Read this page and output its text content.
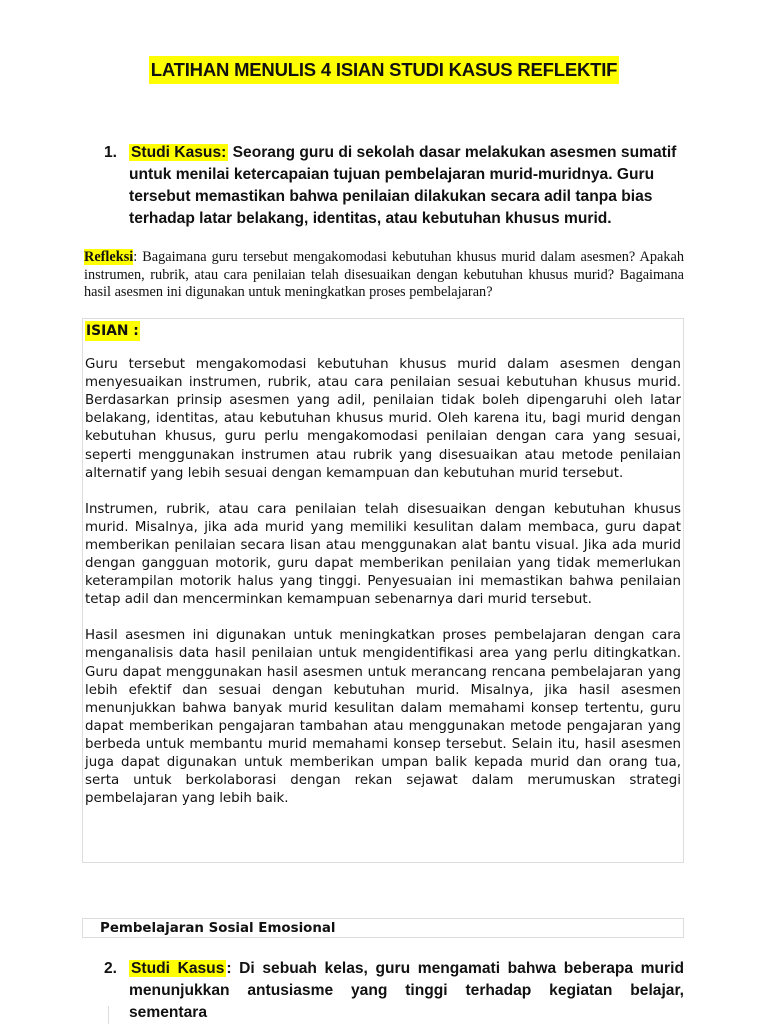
LATIHAN MENULIS 4 ISIAN STUDI KASUS REFLEKTIF
1. Studi Kasus: Seorang guru di sekolah dasar melakukan asesmen sumatif untuk menilai ketercapaian tujuan pembelajaran murid-muridnya. Guru tersebut memastikan bahwa penilaian dilakukan secara adil tanpa bias terhadap latar belakang, identitas, atau kebutuhan khusus murid.
Refleksi: Bagaimana guru tersebut mengakomodasi kebutuhan khusus murid dalam asesmen? Apakah instrumen, rubrik, atau cara penilaian telah disesuaikan dengan kebutuhan khusus murid? Bagaimana hasil asesmen ini digunakan untuk meningkatkan proses pembelajaran?
ISIAN :

Guru tersebut mengakomodasi kebutuhan khusus murid dalam asesmen dengan menyesuaikan instrumen, rubrik, atau cara penilaian sesuai kebutuhan khusus murid. Berdasarkan prinsip asesmen yang adil, penilaian tidak boleh dipengaruhi oleh latar belakang, identitas, atau kebutuhan khusus murid. Oleh karena itu, bagi murid dengan kebutuhan khusus, guru perlu mengakomodasi penilaian dengan cara yang sesuai, seperti menggunakan instrumen atau rubrik yang disesuaikan atau metode penilaian alternatif yang lebih sesuai dengan kemampuan dan kebutuhan murid tersebut.

Instrumen, rubrik, atau cara penilaian telah disesuaikan dengan kebutuhan khusus murid. Misalnya, jika ada murid yang memiliki kesulitan dalam membaca, guru dapat memberikan penilaian secara lisan atau menggunakan alat bantu visual. Jika ada murid dengan gangguan motorik, guru dapat memberikan penilaian yang tidak memerlukan keterampilan motorik halus yang tinggi. Penyesuaian ini memastikan bahwa penilaian tetap adil dan mencerminkan kemampuan sebenarnya dari murid tersebut.

Hasil asesmen ini digunakan untuk meningkatkan proses pembelajaran dengan cara menganalisis data hasil penilaian untuk mengidentifikasi area yang perlu ditingkatkan. Guru dapat menggunakan hasil asesmen untuk merancang rencana pembelajaran yang lebih efektif dan sesuai dengan kebutuhan murid. Misalnya, jika hasil asesmen menunjukkan bahwa banyak murid kesulitan dalam memahami konsep tertentu, guru dapat memberikan pengajaran tambahan atau menggunakan metode pengajaran yang berbeda untuk membantu murid memahami konsep tersebut. Selain itu, hasil asesmen juga dapat digunakan untuk memberikan umpan balik kepada murid dan orang tua, serta untuk berkolaborasi dengan rekan sejawat dalam merumuskan strategi pembelajaran yang lebih baik.

Pembelajaran Sosial Emosional
2. Studi Kasus : Di sebuah kelas, guru mengamati bahwa beberapa murid menunjukkan antusiasme yang tinggi terhadap kegiatan belajar, sementara
